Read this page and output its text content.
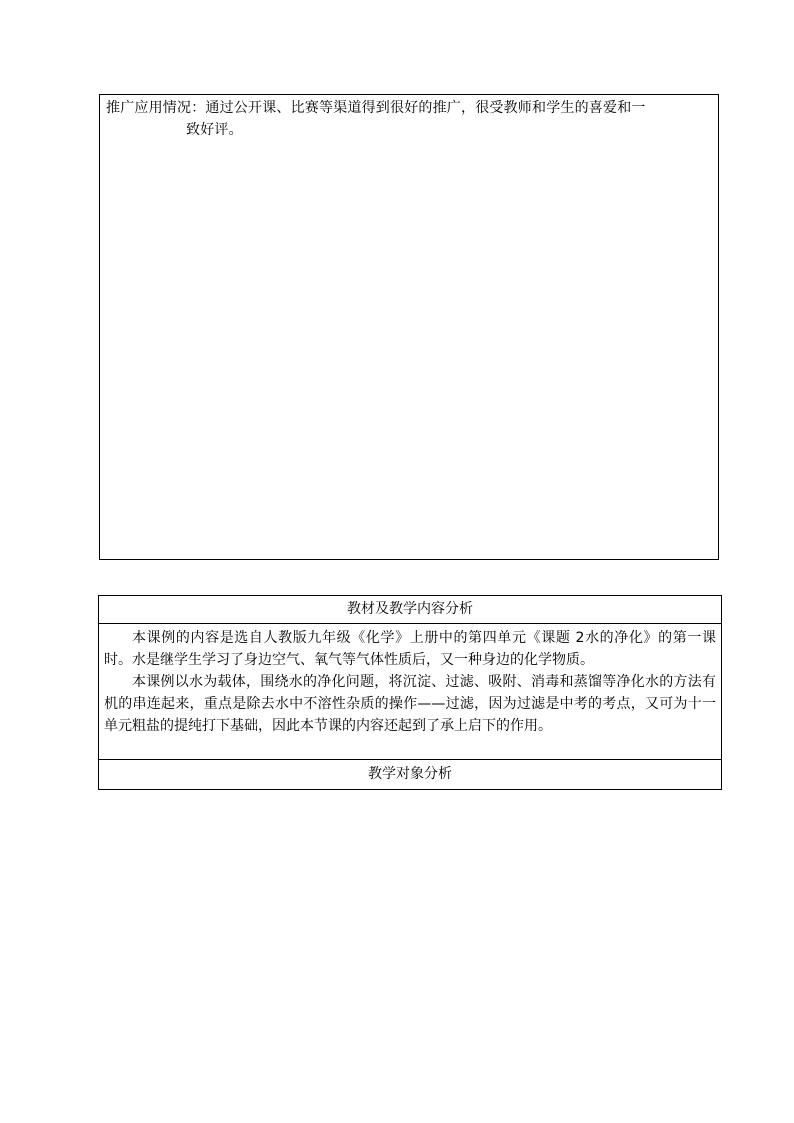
推广应用情况：通过公开课、比赛等渠道得到很好的推广，很受教师和学生的喜爱和一
致好评。
教材及教学内容分析

本课例的内容是选自人教版九年级《化学》上册中的第四单元《课题 2水的净化》的第一课时。水是继学生学习了身边空气、氧气等气体性质后，又一种身边的化学物质。

本课例以水为载体，围绕水的净化问题，将沉淀、过滤、吸附、消毒和蒸馏等净化水的方法有机的串连起来，重点是除去水中不溶性杂质的操作——过滤，因为过滤是中考的考点，又可为十一单元粗盐的提纯打下基础，因此本节课的内容还起到了承上启下的作用。

教学对象分析
